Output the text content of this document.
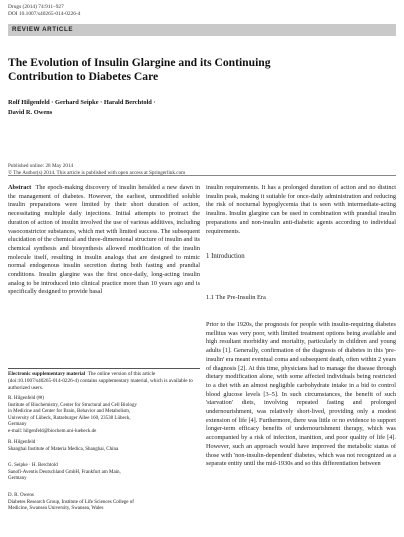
Drugs (2014) 74:911–927
DOI 10.1007/s40265-014-0226-4
REVIEW ARTICLE
The Evolution of Insulin Glargine and its Continuing
Contribution to Diabetes Care
Rolf Hilgenfeld · Gerhard Seipke · Harald Berchtold ·
David R. Owens
Published online: 28 May 2014
© The Author(s) 2014. This article is published with open access at Springerlink.com

Abstract The epoch-making discovery of insulin heralded a new dawn in the management of diabetes. However, the earliest, unmodified soluble insulin preparations were limited by their short duration of action, necessitating multiple daily injections. Initial attempts to protract the duration of action of insulin involved the use of various additives, including vasoconstrictor substances, which met with limited success. The subsequent elucidation of the chemical and three-dimensional structure of insulin and its chemical synthesis and biosynthesis allowed modification of the insulin molecule itself, resulting in insulin analogs that are designed to mimic normal endogenous insulin secretion during both fasting and prandial conditions. Insulin glargine was the first once-daily, long-acting insulin analog to be introduced into clinical practice more than 10 years ago and is specifically designed to provide basal

insulin requirements. It has a prolonged duration of action and no distinct insulin peak, making it suitable for once-daily administration and reducing the risk of nocturnal hypoglycemia that is seen with intermediate-acting insulins. Insulin glargine can be used in combination with prandial insulin preparations and non-insulin anti-diabetic agents according to individual requirements.

1 Introduction
1.1 The Pre-Insulin Era

Prior to the 1920s, the prognosis for people with insulin-requiring diabetes mellitus was very poor, with limited treatment options being available and high resultant morbidity and mortality, particularly in children and young adults [1]. Generally, confirmation of the diagnosis of diabetes in this 'pre-insulin' era meant eventual coma and subsequent death, often within 2 years of diagnosis [2]. At this time, physicians had to manage the disease through dietary modification alone, with some affected individuals being restricted to a diet with an almost negligible carbohydrate intake in a bid to control blood glucose levels [3–5]. In such circumstances, the benefit of such 'starvation' diets, involving repeated fasting and prolonged undernourishment, was relatively short-lived, providing only a modest extension of life [4]. Furthermore, there was little or no evidence to support longer-term efficacy benefits of undernourishment therapy, which was accompanied by a risk of infection, inanition, and poor quality of life [4]. However, such an approach would have improved the metabolic status of those with 'non-insulin-dependent' diabetes, which was not recognized as a separate entity until the mid-1930s and so this differentiation between

Electronic supplementary material The online version of this article (doi:10.1007/s40265-014-0226-4) contains supplementary material, which is available to authorized users.

R. Hilgenfeld (✉)

Institute of Biochemistry, Center for Structural and Cell Biology

in Medicine and Center for Brain, Behavior and Metabolism,

University of Lübeck, Ratzeburger Allee 160, 23538 Lübeck,

Germany

e-mail: hilgenfeld@biochem.uni-luebeck.de

R. Hilgenfeld

Shanghai Institute of Materia Medica, Shanghai, China

G. Seipke · H. Berchtold

Sanofi-Aventis Deutschland GmbH, Frankfurt am Main,

Germany

D. R. Owens

Diabetes Research Group, Institute of Life Sciences College of

Medicine, Swansea University, Swansea, Wales
